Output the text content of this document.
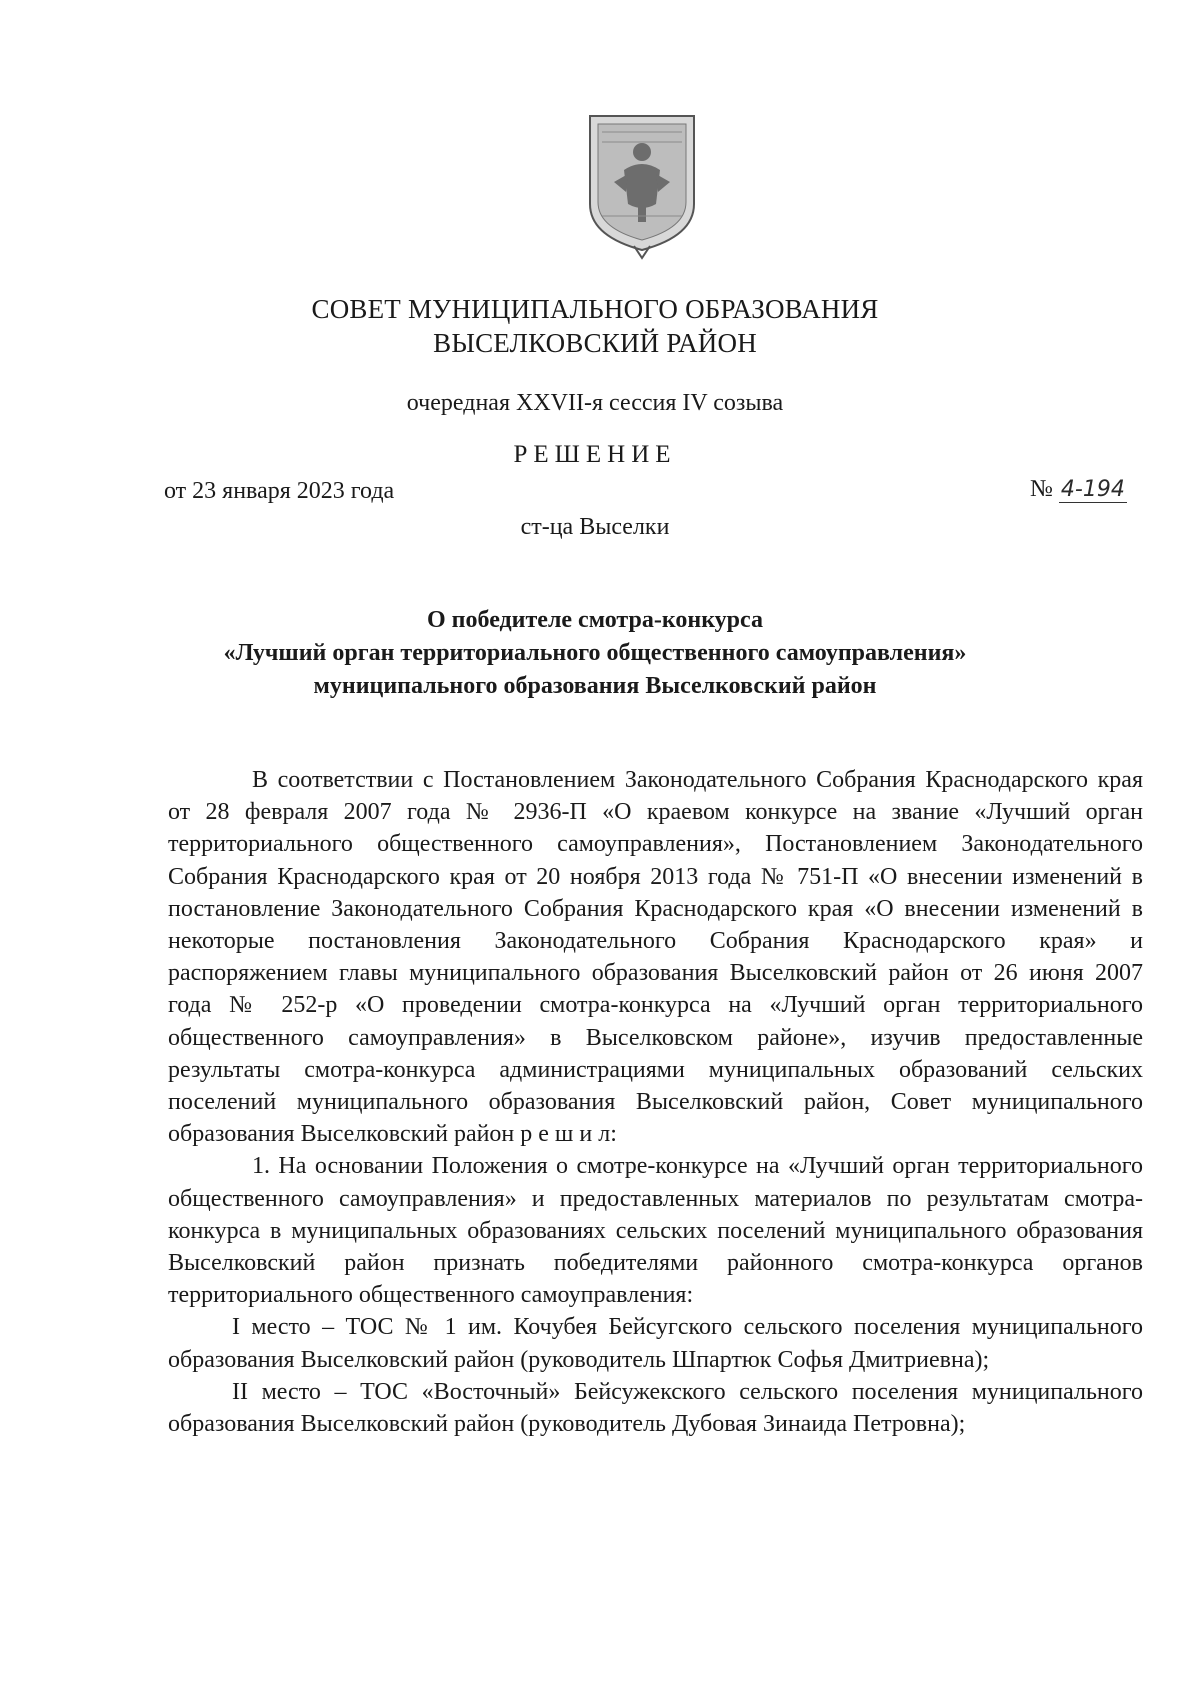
СОВЕТ МУНИЦИПАЛЬНОГО ОБРАЗОВАНИЯ
ВЫСЕЛКОВСКИЙ РАЙОН
очередная XXVII-я сессия IV созыва
РЕШЕНИЕ
от 23 января 2023 года	№ 4-194
ст-ца Выселки
О победителе смотра-конкурса
«Лучший орган территориального общественного самоуправления»
муниципального образования Выселковский район

В соответствии с Постановлением Законодательного Собрания Краснодарского края от 28 февраля 2007 года № 2936-П «О краевом конкурсе на звание «Лучший орган территориального общественного самоуправления», Постановлением Законодательного Собрания Краснодарского края от 20 ноября 2013 года № 751-П «О внесении изменений в постановление Законодательного Собрания Краснодарского края «О внесении изменений в некоторые постановления Законодательного Собрания Краснодарского края» и распоряжением главы муниципального образования Выселковский район от 26 июня 2007 года № 252-р «О проведении смотра-конкурса на «Лучший орган территориального общественного самоуправления» в Выселковском районе», изучив предоставленные результаты смотра-конкурса администрациями муниципальных образований сельских поселений муниципального образования Выселковский район, Совет муниципального образования Выселковский район р е ш и л:

1. На основании Положения о смотре-конкурсе на «Лучший орган территориального общественного самоуправления» и предоставленных материалов по результатам смотра-конкурса в муниципальных образованиях сельских поселений муниципального образования Выселковский район признать победителями районного смотра-конкурса органов территориального общественного самоуправления:

I место – ТОС № 1 им. Кочубея Бейсугского сельского поселения муниципального образования Выселковский район (руководитель Шпартюк Софья Дмитриевна);

II место – ТОС «Восточный» Бейсужекского сельского поселения муниципального образования Выселковский район (руководитель Дубовая Зинаида Петровна);
